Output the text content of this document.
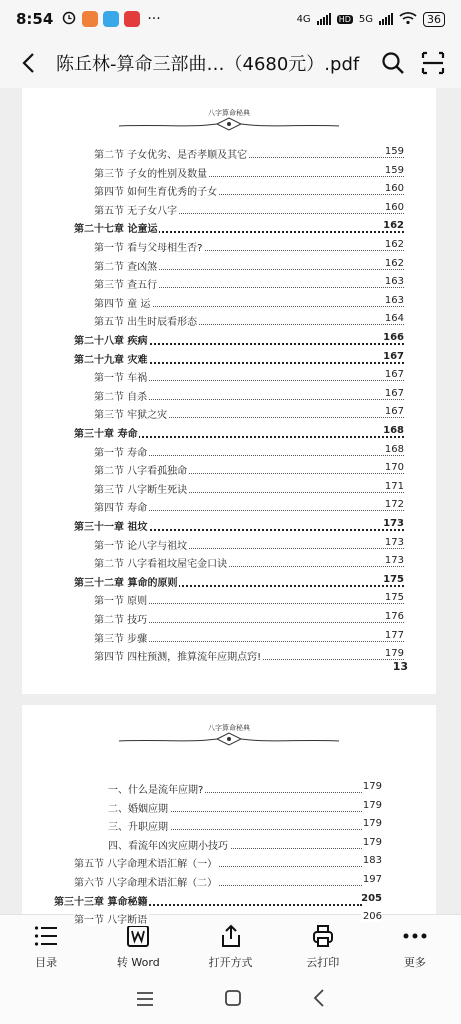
8:54	···	4G	HD 5G	36
陈丘林-算命三部曲…（4680元）.pdf
八字算命秘典
第二节 子女优劣、是否孝顺及其它	159
第三节 子女的性别及数量	159
第四节 如何生育优秀的子女	160
第五节 无子女八字	160
第二十七章 论童运	162
第一节 看与父母相生否?	162
第二节 查凶煞	162
第三节 查五行	163
第四节 童 运	163
第五节 出生时辰看形态	164
第二十八章 疾病	166
第二十九章 灾难	167
第一节 车祸	167
第二节 自杀	167
第三节 牢狱之灾	167
第三十章 寿命	168
第一节 寿命	168
第二节 八字看孤独命	170
第三节 八字断生死诀	171
第四节 寿命	172
第三十一章 祖坟	173
第一节 论八字与祖坟	173
第二节 八字看祖坟屋宅金口诀	173
第三十二章 算命的原则	175
第一节 原则	175
第二节 技巧	176
第三节 步骤	177
第四节 四柱预测，推算流年应期点窍!	179
13
八字算命秘典
一、什么是流年应期?	179
二、婚姻应期	179
三、升职应期	179
四、看流年凶灾应期小技巧	179
第五节 八字命理术语汇解（一）	183
第六节 八字命理术语汇解（二）	197
第三十三章 算命秘籍	205
第一节 八字断语	206
目录	转 Word	打开方式	云打印	更多
